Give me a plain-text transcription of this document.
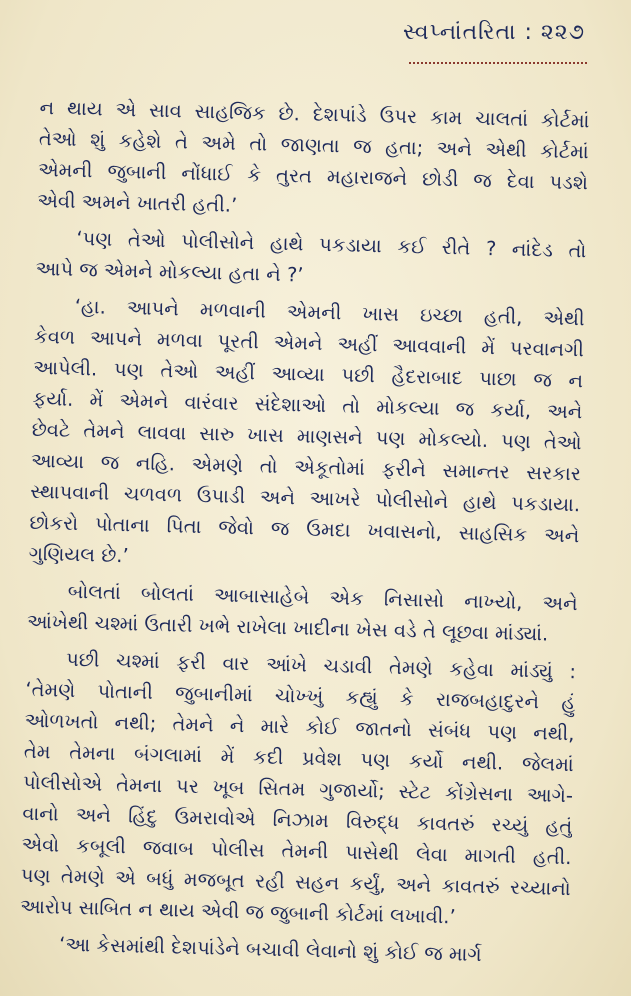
સ્વપ્નાંતરિતા : ૨૨૭
ન થાય એ સાવ સાહજિક છે. દેશપાંડે ઉપર કામ ચાલતાં કોર્ટમાં
તેઓ શું કહેશે તે અમે તો જાણતા જ હતા; અને એથી કોર્ટમાં
એમની જુબાની નોંધાઈ કે તુરત મહારાજને છોડી જ દેવા પડશે
એવી અમને ખાતરી હતી.’
‘પણ તેઓ પોલીસોને હાથે પકડાયા કઈ રીતે ? નાંદેડ તો
આપે જ એમને મોકલ્યા હતા ને ?’
‘હા. આપને મળવાની એમની ખાસ ઇચ્છા હતી, એથી
કેવળ આપને મળવા પૂરતી એમને અહીં આવવાની મેં પરવાનગી
આપેલી. પણ તેઓ અહીં આવ્યા પછી હૈદરાબાદ પાછા જ ન
ફર્યા. મેં એમને વારંવાર સંદેશાઓ તો મોકલ્યા જ કર્યા, અને
છેવટે તેમને લાવવા સારુ ખાસ માણસને પણ મોકલ્યો. પણ તેઓ
આવ્યા જ નહિ. એમણે તો એકૂતોમાં ફરીને સમાન્તર સરકાર
સ્થાપવાની ચળવળ ઉપાડી અને આખરે પોલીસોને હાથે પકડાયા.
છોકરો પોતાના પિતા જેવો જ ઉમદા ખવાસનો, સાહસિક અને
ગુણિયલ છે.’
બોલતાં બોલતાં આબાસાહેબે એક નિસાસો નાખ્યો, અને
આંખેથી ચશ્માં ઉતારી ખભે રાખેલા ખાદીના ખેસ વડે તે લૂછવા માંડ્યાં.
પછી ચશ્માં ફરી વાર આંખે ચડાવી તેમણે કહેવા માંડ્યું :
‘તેમણે પોતાની જુબાનીમાં ચોખ્ખું કહ્યું કે રાજબહાદુરને હું
ઓળખતો નથી; તેમને ને મારે કોઈ જાતનો સંબંધ પણ નથી,
તેમ તેમના બંગલામાં મેં કદી પ્રવેશ પણ કર્યો નથી. જેલમાં
પોલીસોએ તેમના પર ખૂબ સિતમ ગુજાર્યો; સ્ટેટ કોંગ્રેસના આગે-
વાનો અને હિંદુ ઉમરાવોએ નિઝામ વિરુદ્ધ કાવતરું રચ્યું હતું
એવો કબૂલી જવાબ પોલીસ તેમની પાસેથી લેવા માગતી હતી.
પણ તેમણે એ બધું મજબૂત રહી સહન કર્યું, અને કાવતરું રચ્યાનો
આરોપ સાબિત ન થાય એવી જ જુબાની કોર્ટમાં લખાવી.’
‘આ કેસમાંથી દેશપાંડેને બચાવી લેવાનો શું કોઈ જ માર્ગ
